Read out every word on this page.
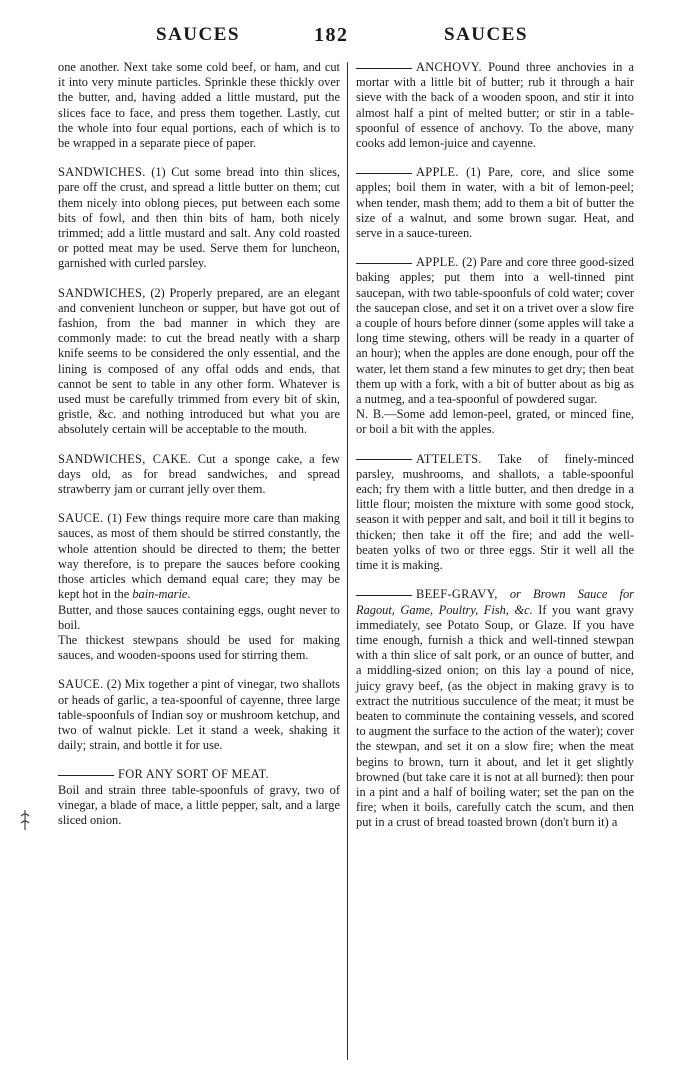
SAUCES	182	SAUCES

one another. Next take some cold beef, or ham, and cut it into very minute particles. Sprinkle these thickly over the butter, and, having added a little mustard, put the slices face to face, and press them together. Lastly, cut the whole into four equal portions, each of which is to be wrapped in a separate piece of paper.

SANDWICHES. (1) Cut some bread into thin slices, pare off the crust, and spread a little butter on them; cut them nicely into oblong pieces, put between each some bits of fowl, and then thin bits of ham, both nicely trimmed; add a little mustard and salt. Any cold roasted or potted meat may be used. Serve them for luncheon, garnished with curled parsley.

SANDWICHES, (2) Properly prepared, are an elegant and convenient luncheon or supper, but have got out of fashion, from the bad manner in which they are commonly made: to cut the bread neatly with a sharp knife seems to be considered the only essential, and the lining is composed of any offal odds and ends, that cannot be sent to table in any other form. Whatever is used must be carefully trimmed from every bit of skin, gristle, &c. and nothing introduced but what you are absolutely certain will be acceptable to the mouth.

SANDWICHES, CAKE. Cut a sponge cake, a few days old, as for bread sandwiches, and spread strawberry jam or currant jelly over them.

SAUCE. (1) Few things require more care than making sauces, as most of them should be stirred constantly, the whole attention should be directed to them; the better way therefore, is to prepare the sauces before cooking those articles which demand equal care; they may be kept hot in the bain-marie.

Butter, and those sauces containing eggs, ought never to boil.

The thickest stewpans should be used for making sauces, and wooden-spoons used for stirring them.

SAUCE. (2) Mix together a pint of vinegar, two shallots or heads of garlic, a tea-spoonful of cayenne, three large table-spoonfuls of Indian soy or mushroom ketchup, and two of walnut pickle. Let it stand a week, shaking it daily; strain, and bottle it for use.

FOR ANY SORT OF MEAT.

Boil and strain three table-spoonfuls of gravy, two of vinegar, a blade of mace, a little pepper, salt, and a large sliced onion.

ANCHOVY. Pound three anchovies in a mortar with a little bit of butter; rub it through a hair sieve with the back of a wooden spoon, and stir it into almost half a pint of melted butter; or stir in a table-spoonful of essence of anchovy. To the above, many cooks add lemon-juice and cayenne.

APPLE. (1) Pare, core, and slice some apples; boil them in water, with a bit of lemon-peel; when tender, mash them; add to them a bit of butter the size of a walnut, and some brown sugar. Heat, and serve in a sauce-tureen.

APPLE. (2) Pare and core three good-sized baking apples; put them into a well-tinned pint saucepan, with two table-spoonfuls of cold water; cover the saucepan close, and set it on a trivet over a slow fire a couple of hours before dinner (some apples will take a long time stewing, others will be ready in a quarter of an hour); when the apples are done enough, pour off the water, let them stand a few minutes to get dry; then beat them up with a fork, with a bit of butter about as big as a nutmeg, and a tea-spoonful of powdered sugar.

N. B.—Some add lemon-peel, grated, or minced fine, or boil a bit with the apples.

ATTELETS. Take of finely-minced parsley, mushrooms, and shallots, a table-spoonful each; fry them with a little butter, and then dredge in a little flour; moisten the mixture with some good stock, season it with pepper and salt, and boil it till it begins to thicken; then take it off the fire; and add the well-beaten yolks of two or three eggs. Stir it well all the time it is making.

BEEF-GRAVY, or Brown Sauce for Ragout, Game, Poultry, Fish, &c. If you want gravy immediately, see Potato Soup, or Glaze. If you have time enough, furnish a thick and well-tinned stewpan with a thin slice of salt pork, or an ounce of butter, and a middling-sized onion; on this lay a pound of nice, juicy gravy beef, (as the object in making gravy is to extract the nutritious succulence of the meat; it must be beaten to comminute the containing vessels, and scored to augment the surface to the action of the water); cover the stewpan, and set it on a slow fire; when the meat begins to brown, turn it about, and let it get slightly browned (but take care it is not at all burned): then pour in a pint and a half of boiling water; set the pan on the fire; when it boils, carefully catch the scum, and then put in a crust of bread toasted brown (don't burn it) a
